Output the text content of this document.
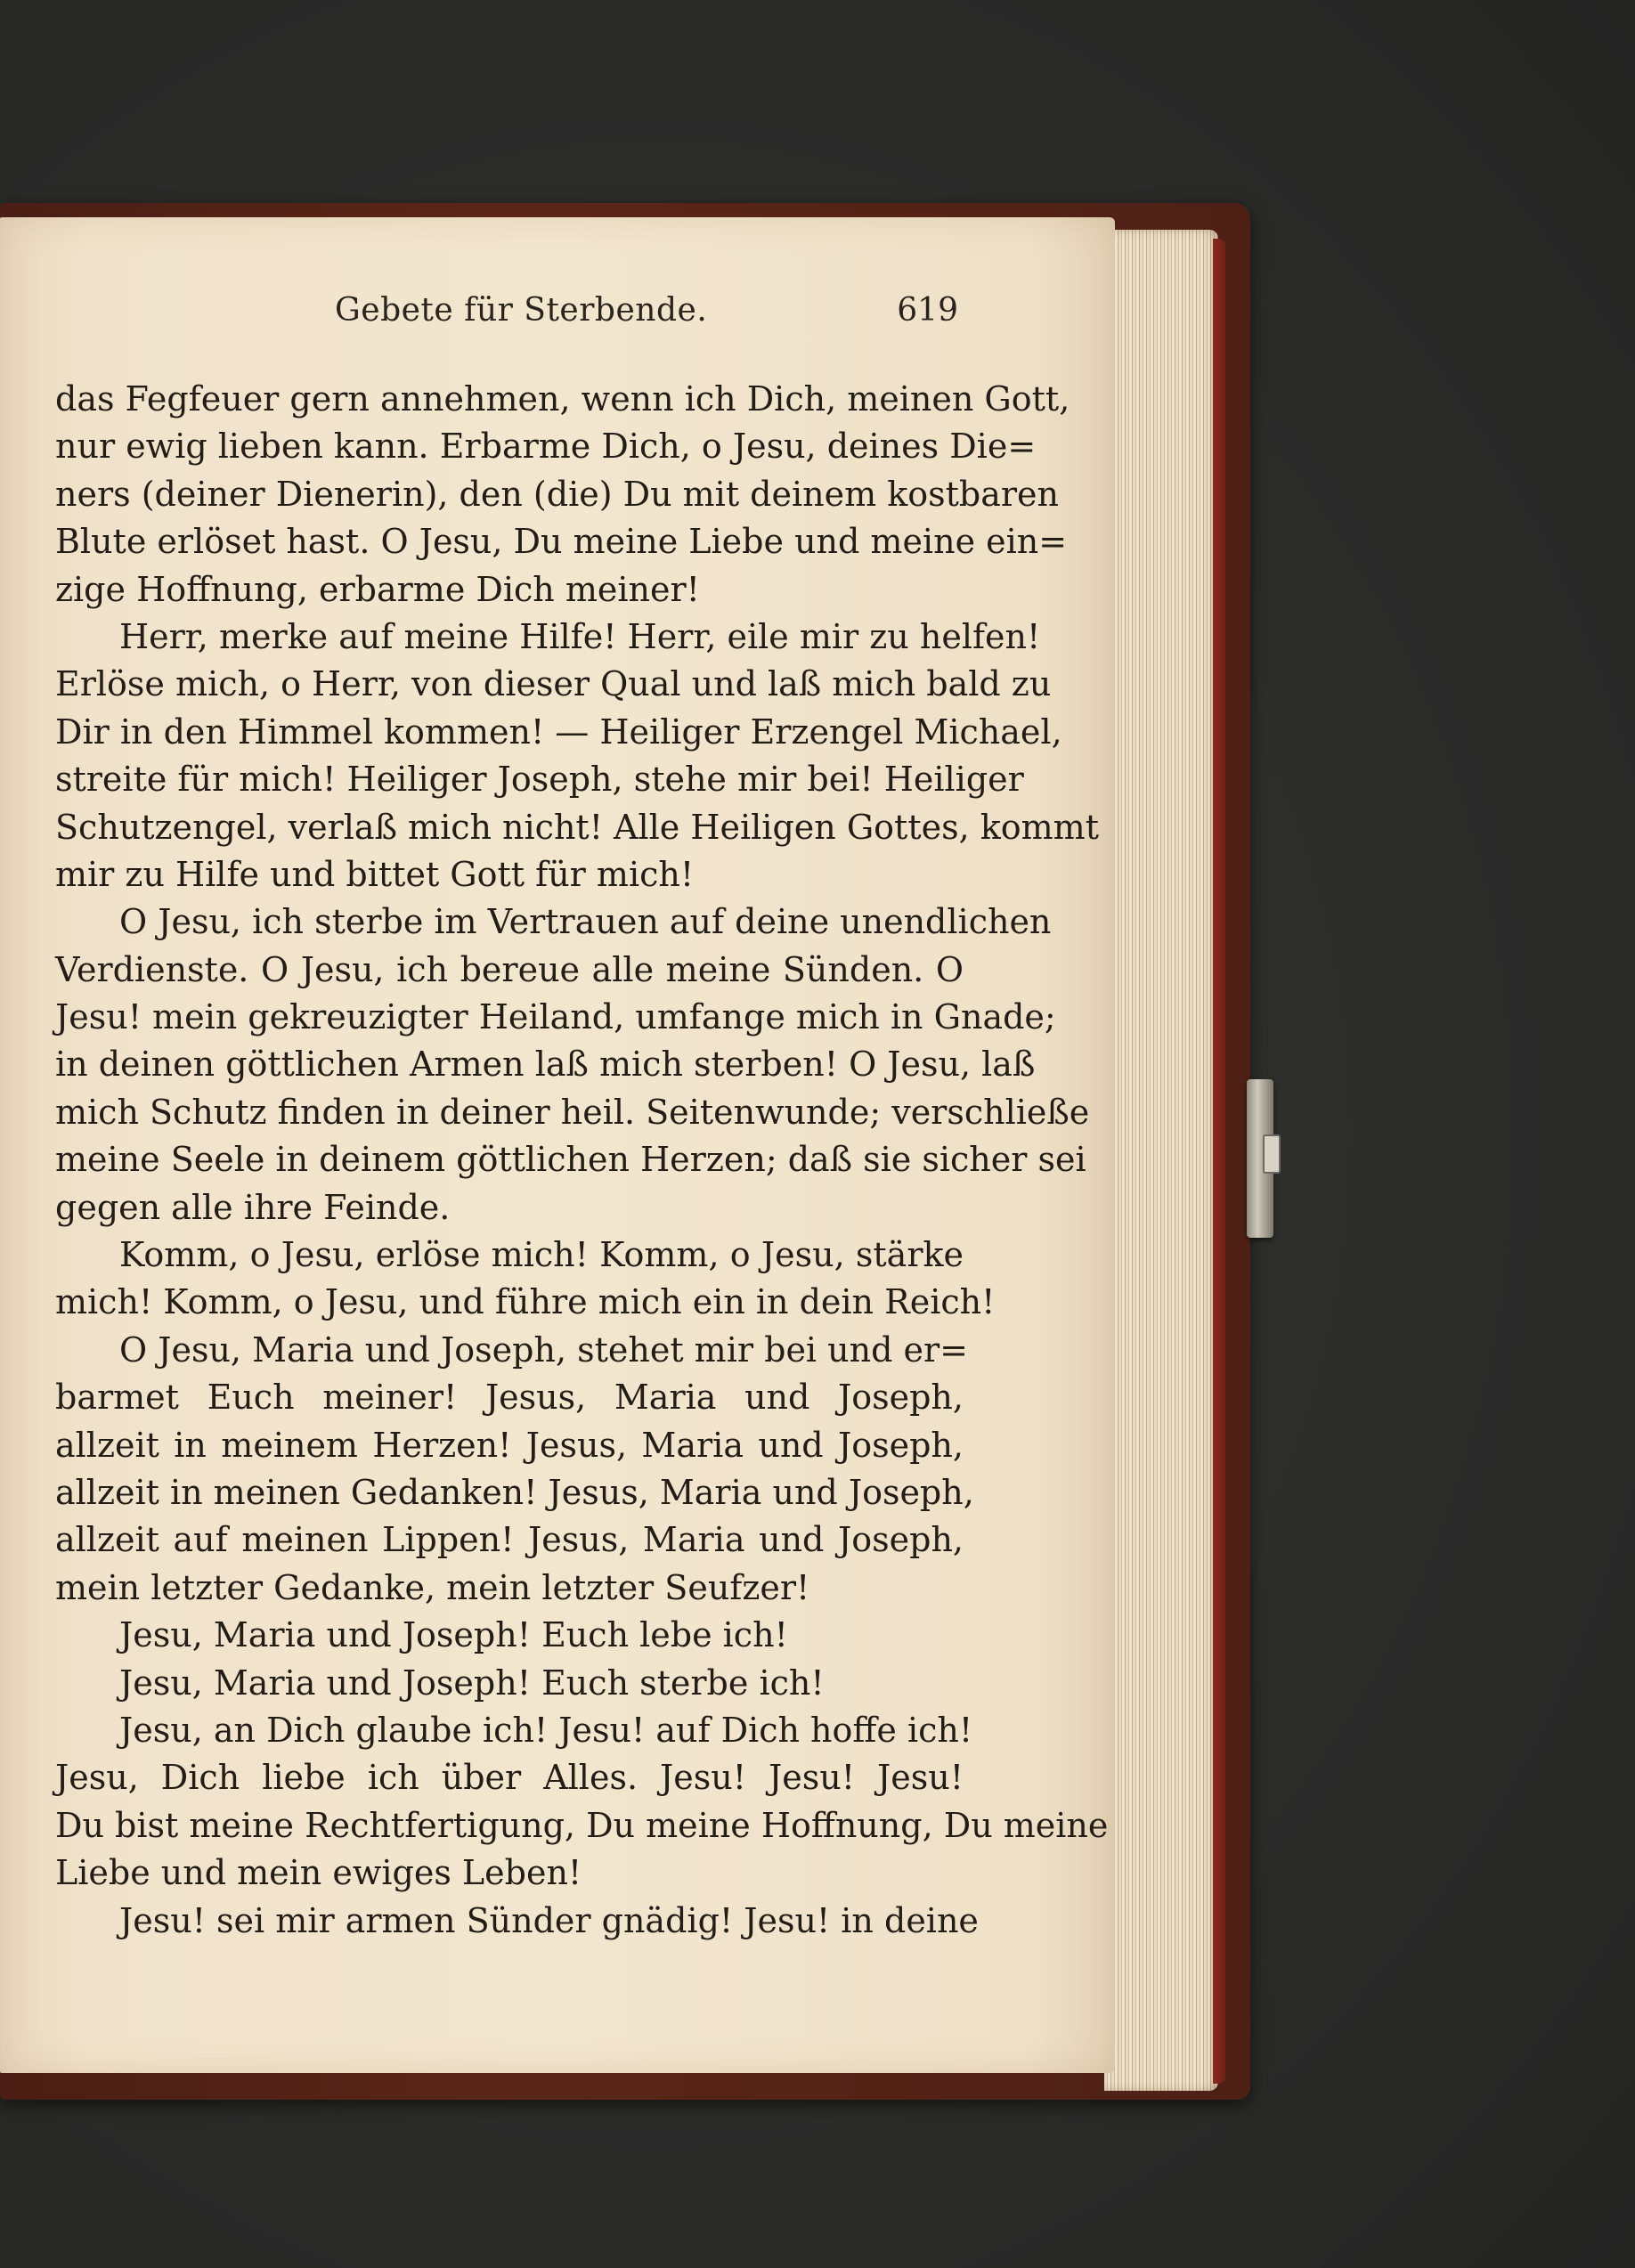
Gebete für Sterbende.	619
das Fegfeuer gern annehmen, wenn ich Dich, meinen Gott,
nur ewig lieben kann. Erbarme Dich, o Jesu, deines Die=
ners (deiner Dienerin), den (die) Du mit deinem kostbaren
Blute erlöset hast. O Jesu, Du meine Liebe und meine ein=
zige Hoffnung, erbarme Dich meiner!
Herr, merke auf meine Hilfe! Herr, eile mir zu helfen!
Erlöse mich, o Herr, von dieser Qual und laß mich bald zu
Dir in den Himmel kommen! — Heiliger Erzengel Michael,
streite für mich! Heiliger Joseph, stehe mir bei! Heiliger
Schutzengel, verlaß mich nicht! Alle Heiligen Gottes, kommt
mir zu Hilfe und bittet Gott für mich!
O Jesu, ich sterbe im Vertrauen auf deine unendlichen
Verdienste. O Jesu, ich bereue alle meine Sünden. O
Jesu! mein gekreuzigter Heiland, umfange mich in Gnade;
in deinen göttlichen Armen laß mich sterben! O Jesu, laß
mich Schutz finden in deiner heil. Seitenwunde; verschließe
meine Seele in deinem göttlichen Herzen; daß sie sicher sei
gegen alle ihre Feinde.
Komm, o Jesu, erlöse mich! Komm, o Jesu, stärke
mich! Komm, o Jesu, und führe mich ein in dein Reich!
O Jesu, Maria und Joseph, stehet mir bei und er=
barmet Euch meiner! Jesus, Maria und Joseph,
allzeit in meinem Herzen! Jesus, Maria und Joseph,
allzeit in meinen Gedanken! Jesus, Maria und Joseph,
allzeit auf meinen Lippen! Jesus, Maria und Joseph,
mein letzter Gedanke, mein letzter Seufzer!
Jesu, Maria und Joseph! Euch lebe ich!
Jesu, Maria und Joseph! Euch sterbe ich!
Jesu, an Dich glaube ich! Jesu! auf Dich hoffe ich!
Jesu, Dich liebe ich über Alles. Jesu! Jesu! Jesu!
Du bist meine Rechtfertigung, Du meine Hoffnung, Du meine
Liebe und mein ewiges Leben!
Jesu! sei mir armen Sünder gnädig! Jesu! in deine
